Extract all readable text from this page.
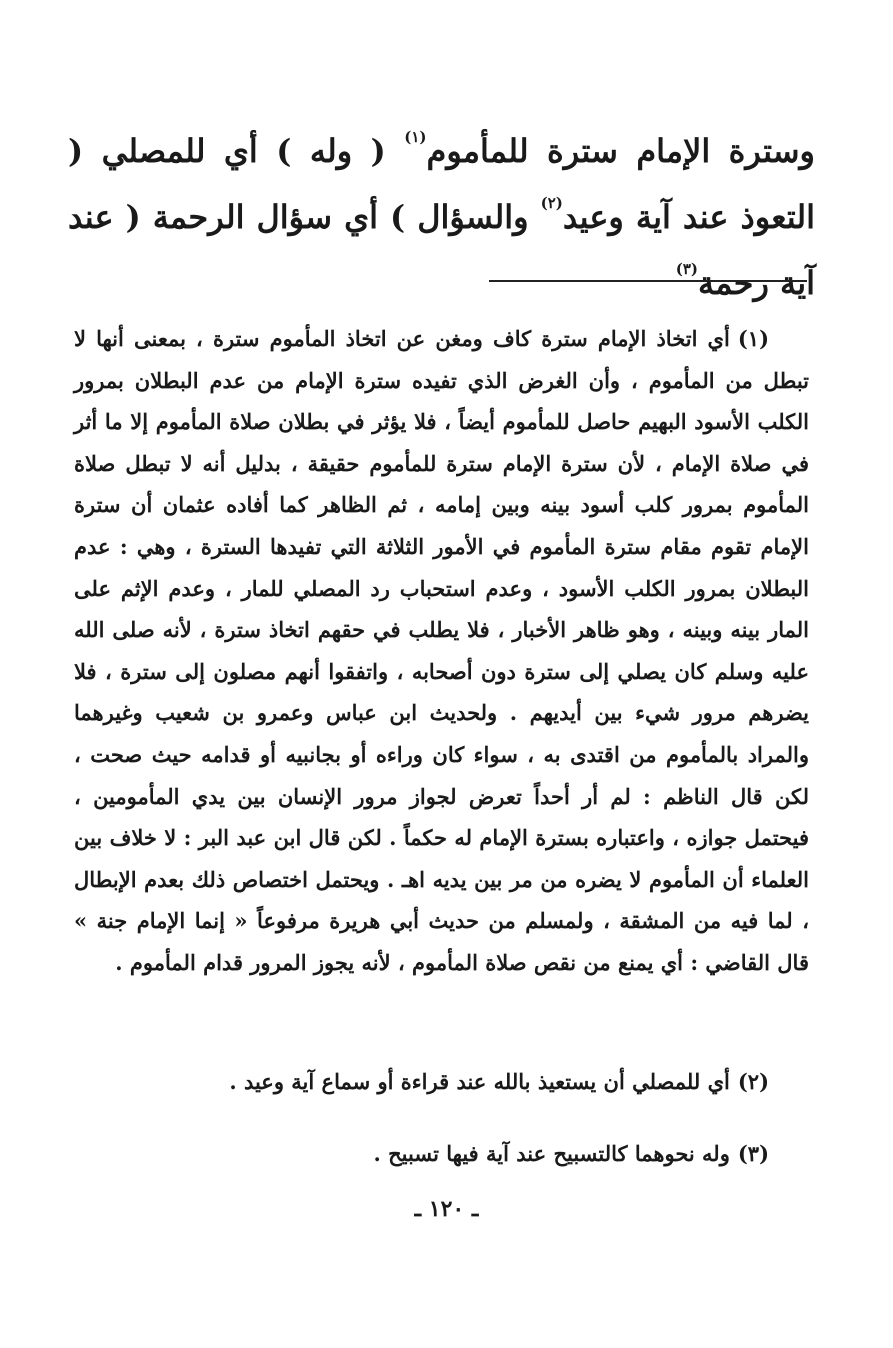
وسترة الإمام سترة للمأموم$^{(١)}$ ( وله ) أي للمصلي ( التعوذ عند آية وعيد$^{(٢)}$ والسؤال ) أي سؤال الرحمة ( عند آية رحمة$^{(٣)}$

(١)أي اتخاذ الإمام سترة كاف ومغن عن اتخاذ المأموم سترة ، بمعنى أنها لا تبطل من المأموم ، وأن الغرض الذي تفيده سترة الإمام من عدم البطلان بمرور الكلب الأسود البهيم حاصل للمأموم أيضاً ، فلا يؤثر في بطلان صلاة المأموم إلا ما أثر في صلاة الإمام ، لأن سترة الإمام سترة للمأموم حقيقة ، بدليل أنه لا تبطل صلاة المأموم بمرور كلب أسود بينه وبين إمامه ، ثم الظاهر كما أفاده عثمان أن سترة الإمام تقوم مقام سترة المأموم في الأمور الثلاثة التي تفيدها السترة ، وهي : عدم البطلان بمرور الكلب الأسود ، وعدم استحباب رد المصلي للمار ، وعدم الإثم على المار بينه وبينه ، وهو ظاهر الأخبار ، فلا يطلب في حقهم اتخاذ سترة ، لأنه صلى الله عليه وسلم كان يصلي إلى سترة دون أصحابه ، واتفقوا أنهم مصلون إلى سترة ، فلا يضرهم مرور شيء بين أيديهم . ولحديث ابن عباس وعمرو بن شعيب وغيرهما والمراد بالمأموم من اقتدى به ، سواء كان وراءه أو بجانبيه أو قدامه حيث صحت ، لكن قال الناظم : لم أر أحداً تعرض لجواز مرور الإنسان بين يدي المأمومين ، فيحتمل جوازه ، واعتباره بسترة الإمام له حكماً . لكن قال ابن عبد البر : لا خلاف بين العلماء أن المأموم لا يضره من مر بين يديه اهـ . ويحتمل اختصاص ذلك بعدم الإبطال ، لما فيه من المشقة ، ولمسلم من حديث أبي هريرة مرفوعاً « إنما الإمام جنة » قال القاضي : أي يمنع من نقص صلاة المأموم ، لأنه يجوز المرور قدام المأموم .

(٢)أي للمصلي أن يستعيذ بالله عند قراءة أو سماع آية وعيد .

(٣)وله نحوهما كالتسبيح عند آية فيها تسبيح .

ـ ١٢٠ ـ
